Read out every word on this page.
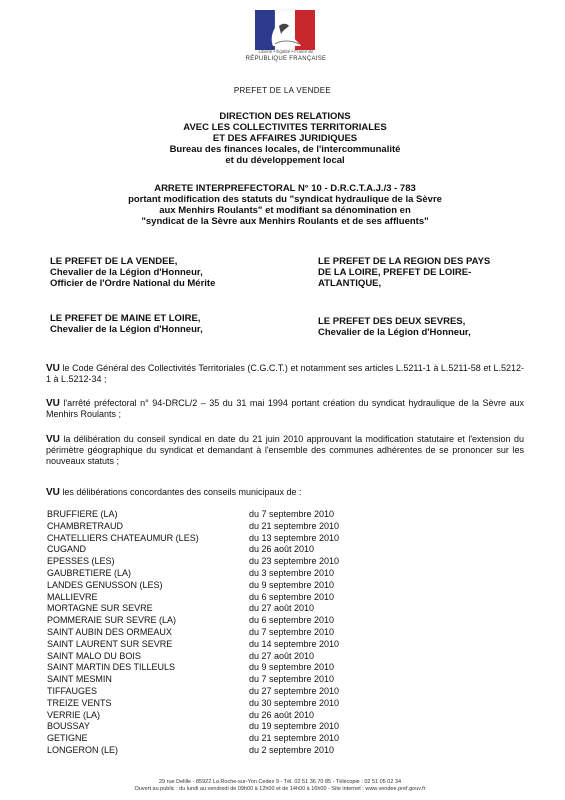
Liberté • Égalité • Fraternité
RÉPUBLIQUE FRANÇAISE
PREFET DE LA VENDEE
DIRECTION DES RELATIONS
AVEC LES COLLECTIVITES TERRITORIALES
ET DES AFFAIRES JURIDIQUES
Bureau des finances locales, de l'intercommunalité
et du développement local
ARRETE INTERPREFECTORAL N° 10 - D.R.C.T.A.J./3 - 783
portant modification des statuts du "syndicat hydraulique de la Sèvre
aux Menhirs Roulants" et modifiant sa dénomination en
"syndicat de la Sèvre aux Menhirs Roulants et de ses affluents"
LE PREFET DE LA VENDEE,
Chevalier de la Légion d'Honneur,
Officier de l'Ordre National du Mérite
LE PREFET DE LA REGION DES PAYS
DE LA LOIRE, PREFET DE LOIRE-
ATLANTIQUE,
LE PREFET DE MAINE ET LOIRE,
Chevalier de la Légion d'Honneur,
LE PREFET DES DEUX SEVRES,
Chevalier de la Légion d'Honneur,
VU le Code Général des Collectivités Territoriales (C.G.C.T.) et notamment ses articles L.5211-1 à L.5211-58 et L.5212-1 à L.5212-34 ;
VU l'arrêté préfectoral n° 94-DRCL/2 – 35 du 31 mai 1994 portant création du syndicat hydraulique de la Sèvre aux Menhirs Roulants ;
VU la délibération du conseil syndical en date du 21 juin 2010 approuvant la modification statutaire et l'extension du périmètre géographique du syndicat et demandant à l'ensemble des communes adhérentes de se prononcer sur les nouveaux statuts ;
VU les délibérations concordantes des conseils municipaux de :
BRUFFIERE (LA)	du 7 septembre 2010
CHAMBRETRAUD	du 21 septembre 2010
CHATELLIERS CHATEAUMUR (LES)	du 13 septembre 2010
CUGAND	du 26 août 2010
EPESSES (LES)	du 23 septembre 2010
GAUBRETIERE (LA)	du 3 septembre 2010
LANDES GENUSSON (LES)	du 9 septembre 2010
MALLIEVRE	du 6 septembre 2010
MORTAGNE SUR SEVRE	du 27 août 2010
POMMERAIE SUR SEVRE (LA)	du 6 septembre 2010
SAINT AUBIN DES ORMEAUX	du 7 septembre 2010
SAINT LAURENT SUR SEVRE	du 14 septembre 2010
SAINT MALO DU BOIS	du 27 août 2010
SAINT MARTIN DES TILLEULS	du 9 septembre 2010
SAINT MESMIN	du 7 septembre 2010
TIFFAUGES	du 27 septembre 2010
TREIZE VENTS	du 30 septembre 2010
VERRIE (LA)	du 26 août 2010
BOUSSAY	du 19 septembre 2010
GETIGNE	du 21 septembre 2010
LONGERON (LE)	du 2 septembre 2010
29 rue Delille - 85922 La Roche-sur-Yon Cedex 9 - Tél. 02 51 36 70 85 - Télécopie : 02 51 05 02 34
Ouvert au public : du lundi au vendredi de 09h00 à 12h00 et de 14h00 à 16h00 - Site internet : www.vendee.pref.gouv.fr
